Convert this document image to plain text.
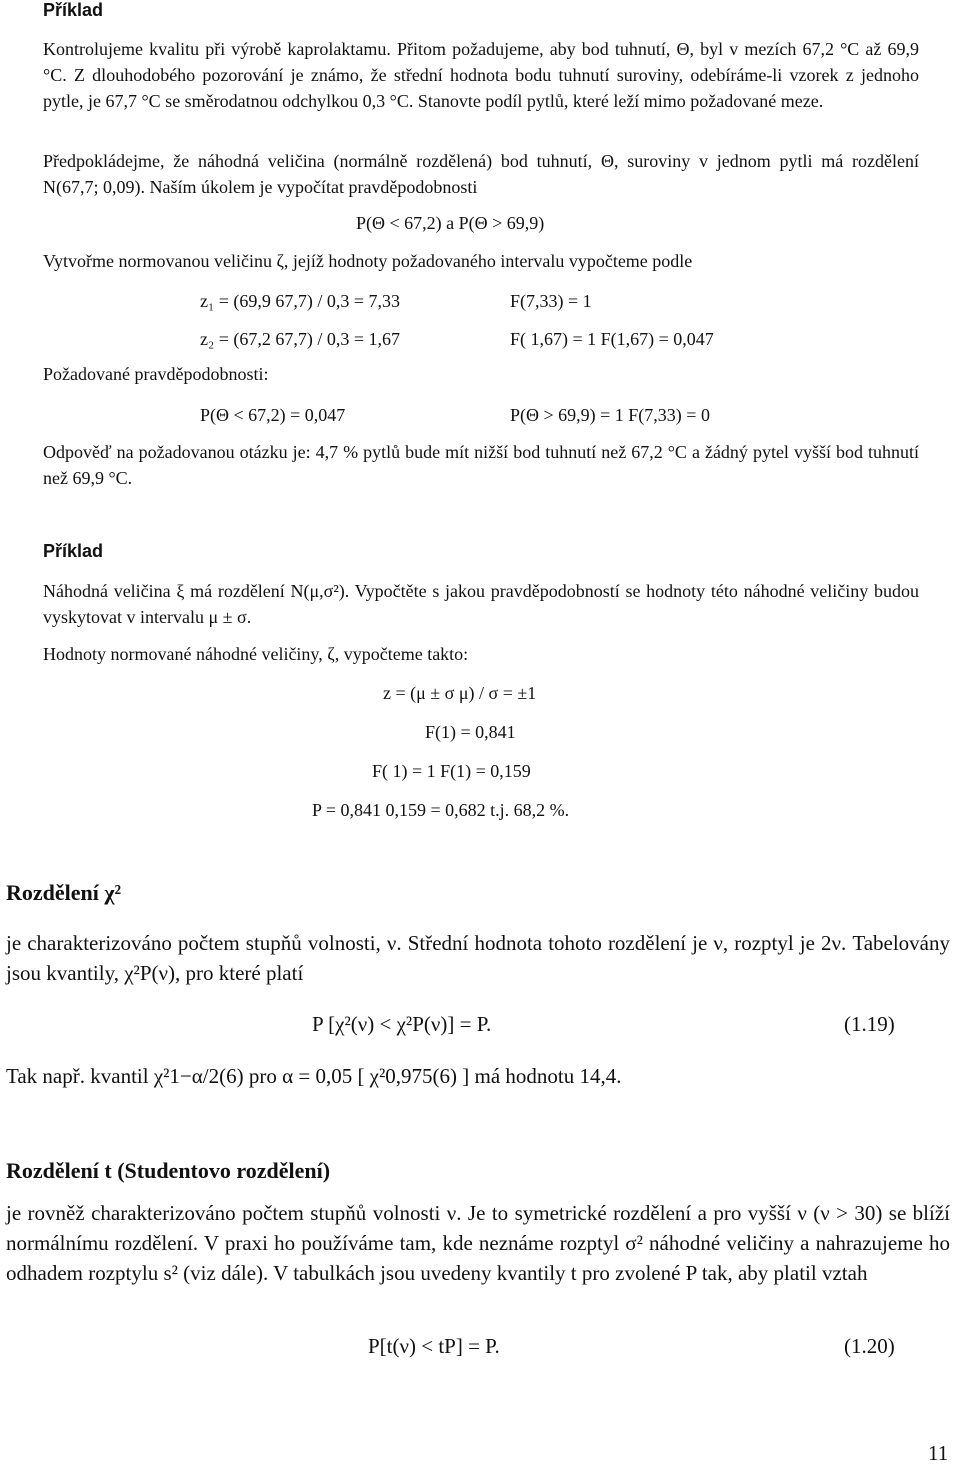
Příklad
Kontrolujeme kvalitu při výrobě kaprolaktamu. Přitom požadujeme, aby bod tuhnutí, Θ, byl v mezích 67,2 °C až 69,9 °C. Z dlouhodobého pozorování je známo, že střední hodnota bodu tuhnutí suroviny, odebíráme-li vzorek z jednoho pytle, je 67,7 °C se směrodatnou odchylkou 0,3 °C. Stanovte podíl pytlů, které leží mimo požadované meze.
Předpokládejme, že náhodná veličina (normálně rozdělená) bod tuhnutí, Θ, suroviny v jednom pytli má rozdělení N(67,7; 0,09). Naším úkolem je vypočítat pravděpodobnosti
P(Θ < 67,2) a P(Θ > 69,9)
Vytvořme normovanou veličinu ζ, jejíž hodnoty požadovaného intervalu vypočteme podle
z₁ = (69,9 67,7) / 0,3 = 7,33	F(7,33) = 1
z₂ = (67,2 67,7) / 0,3 = 1,67	F( 1,67) = 1 F(1,67) = 0,047
Požadované pravděpodobnosti:
P(Θ < 67,2) = 0,047	P(Θ > 69,9) = 1 F(7,33) = 0
Odpověď na požadovanou otázku je: 4,7 % pytlů bude mít nižší bod tuhnutí než 67,2 °C a žádný pytel vyšší bod tuhnutí než 69,9 °C.
Příklad
Náhodná veličina ξ má rozdělení N(μ,σ²). Vypočtěte s jakou pravděpodobností se hodnoty této náhodné veličiny budou vyskytovat v intervalu μ ± σ.
Hodnoty normované náhodné veličiny, ζ, vypočteme takto:
z = (μ ± σ μ) / σ = ±1
F(1) = 0,841
F( 1) = 1 F(1) = 0,159
P = 0,841 0,159 = 0,682 t.j. 68,2 %.
Rozdělení χ²
je charakterizováno počtem stupňů volnosti, ν. Střední hodnota tohoto rozdělení je ν, rozptyl je 2ν. Tabelovány jsou kvantily, χ²P(ν), pro které platí
P [χ²(ν) < χ²P(ν)] = P.	(1.19)
Tak např. kvantil χ²1−α/2(6) pro α = 0,05 [ χ²0,975(6) ] má hodnotu 14,4.
Rozdělení t (Studentovo rozdělení)
je rovněž charakterizováno počtem stupňů volnosti ν. Je to symetrické rozdělení a pro vyšší ν (ν > 30) se blíží normálnímu rozdělení. V praxi ho používáme tam, kde neznáme rozptyl σ² náhodné veličiny a nahrazujeme ho odhadem rozptylu s² (viz dále). V tabulkách jsou uvedeny kvantily t pro zvolené P tak, aby platil vztah
P[t(ν) < tP] = P.	(1.20)
11
